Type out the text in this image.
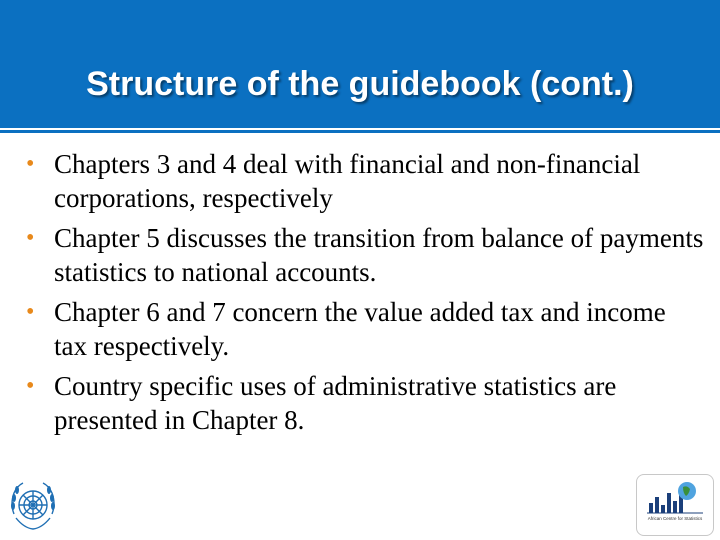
Structure of the guidebook (cont.)
• Chapters 3 and 4 deal with financial and non-financial corporations, respectively
• Chapter 5 discusses the transition from balance of payments statistics to national accounts.
• Chapter 6 and 7 concern the value added tax and income tax respectively.
• Country specific uses of administrative statistics are presented in Chapter 8.
African Centre for Statistics
